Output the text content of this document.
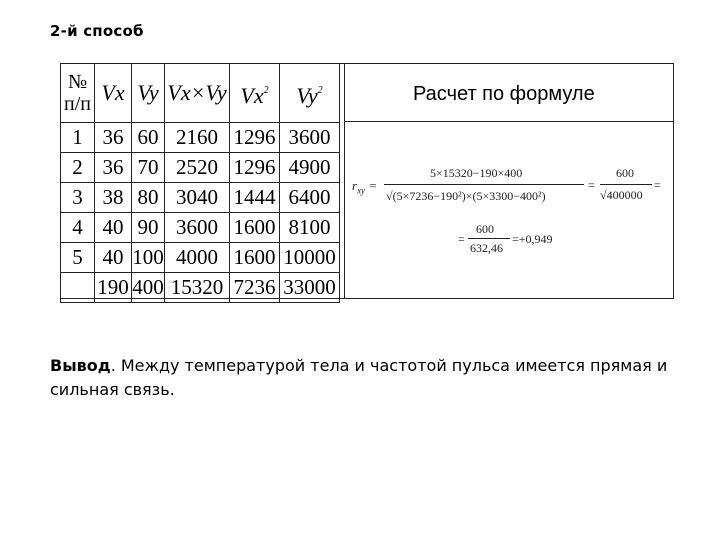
2-й способ
№ п/п	Vx	Vy	Vx×Vy	Vx$^2$	Vy$^2$
1	36	60	2160	1296	3600
2	36	70	2520	1296	4900
3	38	80	3040	1444	6400
4	40	90	3600	1600	8100
5	40	100	4000	1600	10000
	190	400	15320	7236	33000
Расчет по формуле
$r_{xy}$ =
5×15320−190×400
√(5×7236−190²)×(5×3300−400²)
=
600
√400000
=
=
600
632,46
=+0,949
Вывод. Между температурой тела и частотой пульса имеется прямая и сильная связь.
